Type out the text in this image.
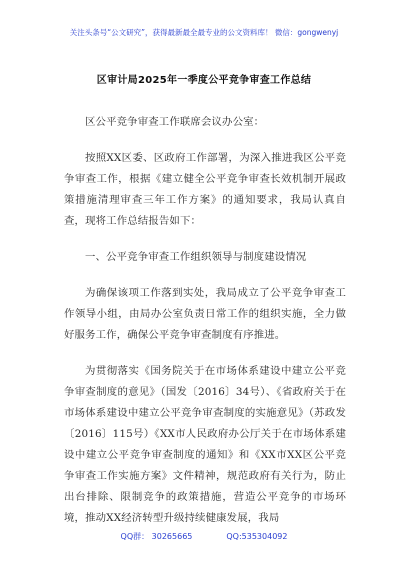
关注头条号“公文研究”，获得最新最全最专业的公文资料库！ 微信：gongwenyj
区审计局2025年一季度公平竞争审查工作总结

区公平竞争审查工作联席会议办公室：

按照XX区委、区政府工作部署，为深入推进我区公平竞争审查工作，根据《建立健全公平竞争审查长效机制开展政策措施清理审查三年工作方案》的通知要求，我局认真自查，现将工作总结报告如下：

一、公平竞争审查工作组织领导与制度建设情况

为确保该项工作落到实处，我局成立了公平竞争审查工作领导小组，由局办公室负责日常工作的组织实施，全力做好服务工作，确保公平竞争审查制度有序推进。

为贯彻落实《国务院关于在市场体系建设中建立公平竞争审查制度的意见》（国发〔2016〕34号）、《省政府关于在市场体系建设中建立公平竞争审查制度的实施意见》（苏政发〔2016〕115号）《XX市人民政府办公厅关于在市场体系建设中建立公平竞争审查制度的通知》和《XX市XX区公平竞争审查工作实施方案》文件精神，规范政府有关行为，防止出台排除、限制竞争的政策措施，营造公平竞争的市场环境，推动XX经济转型升级持续健康发展，我局

QQ群： 30265665	QQ:535304092
